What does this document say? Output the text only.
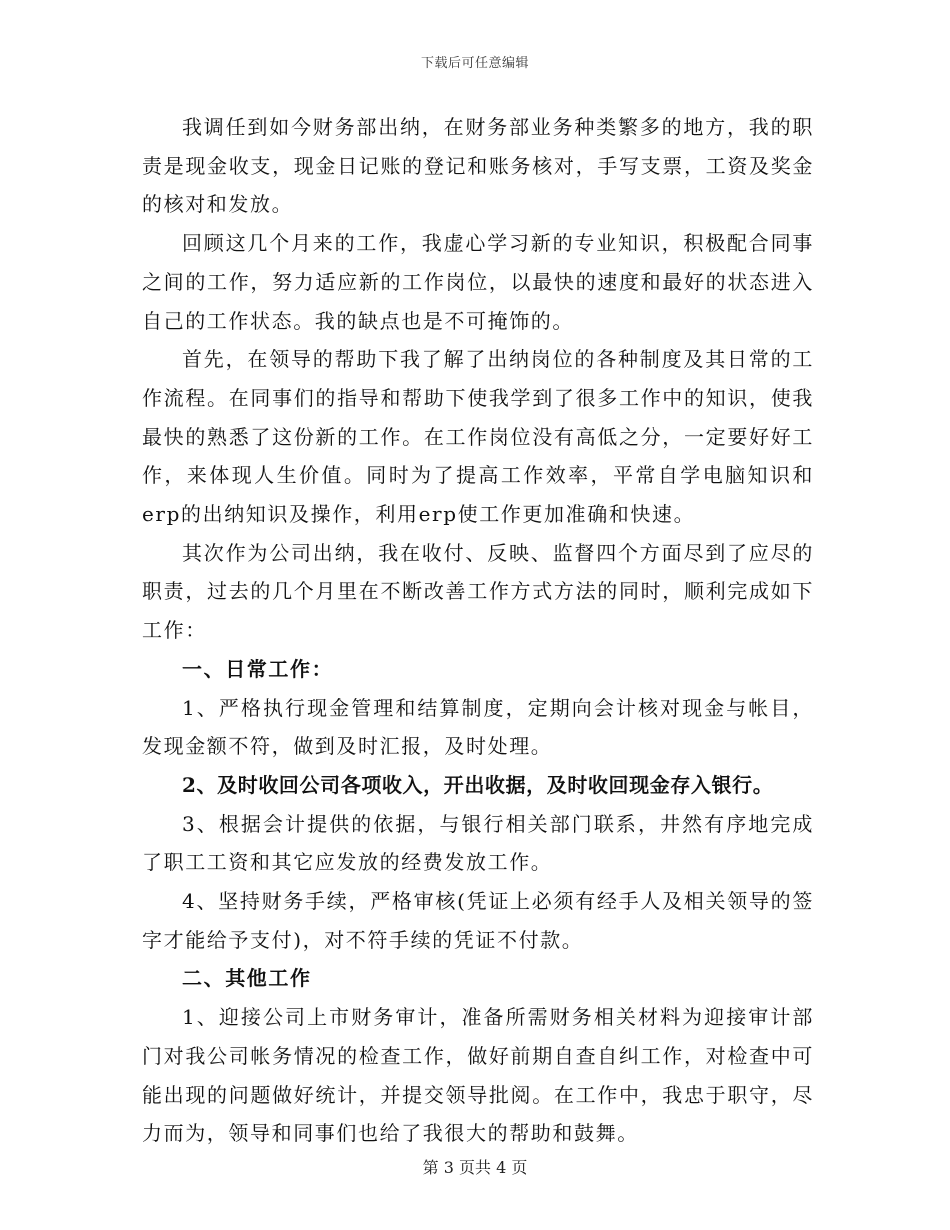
下载后可任意编辑

我调任到如今财务部出纳，在财务部业务种类繁多的地方，我的职责是现金收支，现金日记账的登记和账务核对，手写支票，工资及奖金的核对和发放。

回顾这几个月来的工作，我虚心学习新的专业知识，积极配合同事之间的工作，努力适应新的工作岗位，以最快的速度和最好的状态进入自己的工作状态。我的缺点也是不可掩饰的。

首先，在领导的帮助下我了解了出纳岗位的各种制度及其日常的工作流程。在同事们的指导和帮助下使我学到了很多工作中的知识，使我最快的熟悉了这份新的工作。在工作岗位没有高低之分，一定要好好工作，来体现人生价值。同时为了提高工作效率，平常自学电脑知识和erp的出纳知识及操作，利用erp使工作更加准确和快速。

其次作为公司出纳，我在收付、反映、监督四个方面尽到了应尽的职责，过去的几个月里在不断改善工作方式方法的同时，顺利完成如下工作：

一、日常工作：

1、严格执行现金管理和结算制度，定期向会计核对现金与帐目，发现金额不符，做到及时汇报，及时处理。

2、及时收回公司各项收入，开出收据，及时收回现金存入银行。

3、根据会计提供的依据，与银行相关部门联系，井然有序地完成了职工工资和其它应发放的经费发放工作。

4、坚持财务手续，严格审核(凭证上必须有经手人及相关领导的签字才能给予支付)，对不符手续的凭证不付款。

二、其他工作

1、迎接公司上市财务审计，准备所需财务相关材料为迎接审计部门对我公司帐务情况的检查工作，做好前期自查自纠工作，对检查中可能出现的问题做好统计，并提交领导批阅。在工作中，我忠于职守，尽力而为，领导和同事们也给了我很大的帮助和鼓舞。

第 3 页共 4 页
